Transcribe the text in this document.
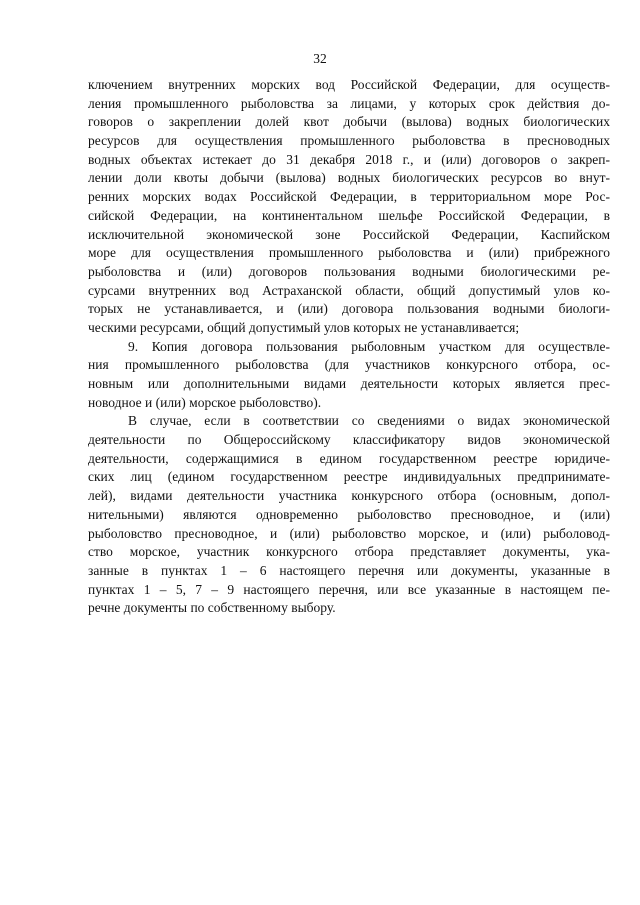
32
ключением внутренних морских вод Российской Федерации, для осуществ-
ления промышленного рыболовства за лицами, у которых срок действия до-
говоров о закреплении долей квот добычи (вылова) водных биологических
ресурсов для осуществления промышленного рыболовства в пресноводных
водных объектах истекает до 31 декабря 2018 г., и (или) договоров о закреп-
лении доли квоты добычи (вылова) водных биологических ресурсов во внут-
ренних морских водах Российской Федерации, в территориальном море Рос-
сийской Федерации, на континентальном шельфе Российской Федерации, в
исключительной экономической зоне Российской Федерации, Каспийском
море для осуществления промышленного рыболовства и (или) прибрежного
рыболовства и (или) договоров пользования водными биологическими ре-
сурсами внутренних вод Астраханской области, общий допустимый улов ко-
торых не устанавливается, и (или) договора пользования водными биологи-
ческими ресурсами, общий допустимый улов которых не устанавливается;
9. Копия договора пользования рыболовным участком для осуществле-
ния промышленного рыболовства (для участников конкурсного отбора, ос-
новным или дополнительными видами деятельности которых является прес-
новодное и (или) морское рыболовство).
В случае, если в соответствии со сведениями о видах экономической
деятельности по Общероссийскому классификатору видов экономической
деятельности, содержащимися в едином государственном реестре юридиче-
ских лиц (едином государственном реестре индивидуальных предпринимате-
лей), видами деятельности участника конкурсного отбора (основным, допол-
нительными) являются одновременно рыболовство пресноводное, и (или)
рыболовство пресноводное, и (или) рыболовство морское, и (или) рыболовод-
ство морское, участник конкурсного отбора представляет документы, ука-
занные в пунктах 1 – 6 настоящего перечня или документы, указанные в
пунктах 1 – 5, 7 – 9 настоящего перечня, или все указанные в настоящем пе-
речне документы по собственному выбору.
